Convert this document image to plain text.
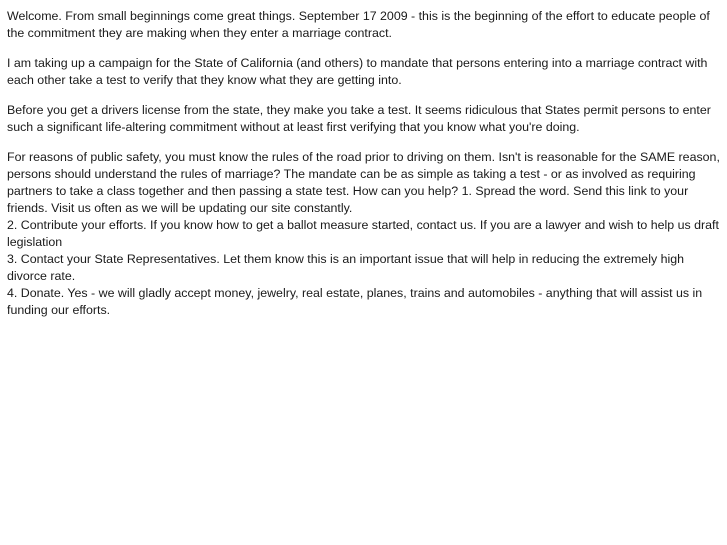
Welcome. From small beginnings come great things. September 17 2009 - this is the beginning of the effort to educate people of the commitment they are making when they enter a marriage contract.

I am taking up a campaign for the State of California (and others) to mandate that persons entering into a marriage contract with each other take a test to verify that they know what they are getting into.

Before you get a drivers license from the state, they make you take a test. It seems ridiculous that States permit persons to enter such a significant life-altering commitment without at least first verifying that you know what you're doing.

For reasons of public safety, you must know the rules of the road prior to driving on them. Isn't is reasonable for the SAME reason, persons should understand the rules of marriage? The mandate can be as simple as taking a test - or as involved as requiring partners to take a class together and then passing a state test. How can you help? 1. Spread the word. Send this link to your friends. Visit us often as we will be updating our site constantly.
2. Contribute your efforts. If you know how to get a ballot measure started, contact us. If you are a lawyer and wish to help us draft legislation
3. Contact your State Representatives. Let them know this is an important issue that will help in reducing the extremely high divorce rate.
4. Donate. Yes - we will gladly accept money, jewelry, real estate, planes, trains and automobiles - anything that will assist us in funding our efforts.
